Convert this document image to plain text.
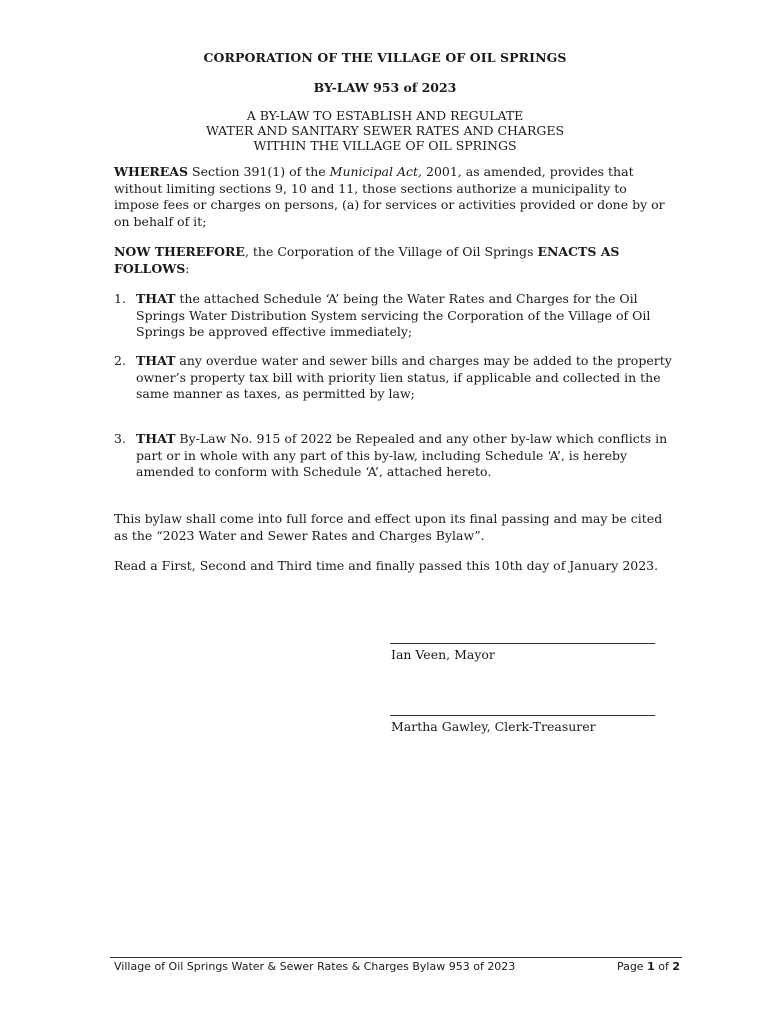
CORPORATION OF THE VILLAGE OF OIL SPRINGS
BY-LAW 953 of 2023
A BY-LAW TO ESTABLISH AND REGULATE
WATER AND SANITARY SEWER RATES AND CHARGES
WITHIN THE VILLAGE OF OIL SPRINGS
WHEREAS Section 391(1) of the Municipal Act, 2001, as amended, provides that without limiting sections 9, 10 and 11, those sections authorize a municipality to impose fees or charges on persons, (a) for services or activities provided or done by or on behalf of it;
NOW THEREFORE, the Corporation of the Village of Oil Springs ENACTS AS FOLLOWS:
1. THAT the attached Schedule ‘A’ being the Water Rates and Charges for the Oil Springs Water Distribution System servicing the Corporation of the Village of Oil Springs be approved effective immediately;
2. THAT any overdue water and sewer bills and charges may be added to the property owner’s property tax bill with priority lien status, if applicable and collected in the same manner as taxes, as permitted by law;
3. THAT By-Law No. 915 of 2022 be Repealed and any other by-law which conflicts in part or in whole with any part of this by-law, including Schedule ‘A’, is hereby amended to conform with Schedule ‘A’, attached hereto.
This bylaw shall come into full force and effect upon its final passing and may be cited as the “2023 Water and Sewer Rates and Charges Bylaw”.
Read a First, Second and Third time and finally passed this 10th day of January 2023.
Ian Veen, Mayor
Martha Gawley, Clerk-Treasurer
Village of Oil Springs Water & Sewer Rates & Charges Bylaw 953 of 2023	Page 1 of 2
